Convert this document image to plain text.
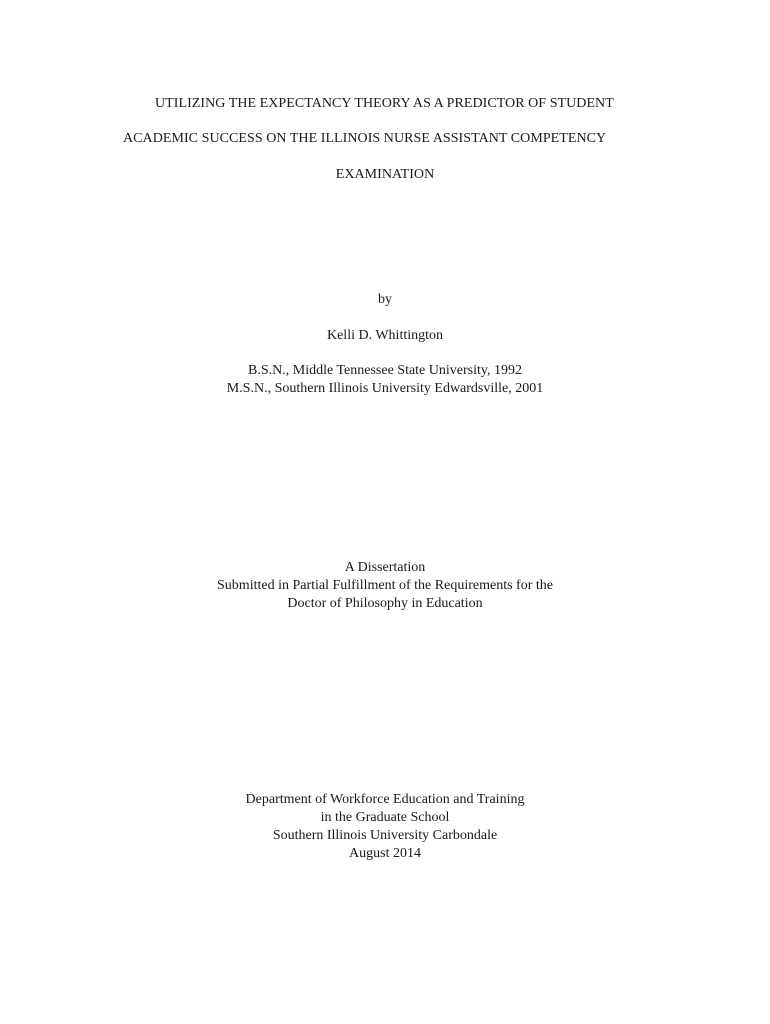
UTILIZING THE EXPECTANCY THEORY AS A PREDICTOR OF STUDENT
ACADEMIC SUCCESS ON THE ILLINOIS NURSE ASSISTANT COMPETENCY
EXAMINATION
by
Kelli D. Whittington
B.S.N., Middle Tennessee State University, 1992
M.S.N., Southern Illinois University Edwardsville, 2001
A Dissertation
Submitted in Partial Fulfillment of the Requirements for the
Doctor of Philosophy in Education
Department of Workforce Education and Training
in the Graduate School
Southern Illinois University Carbondale
August 2014
